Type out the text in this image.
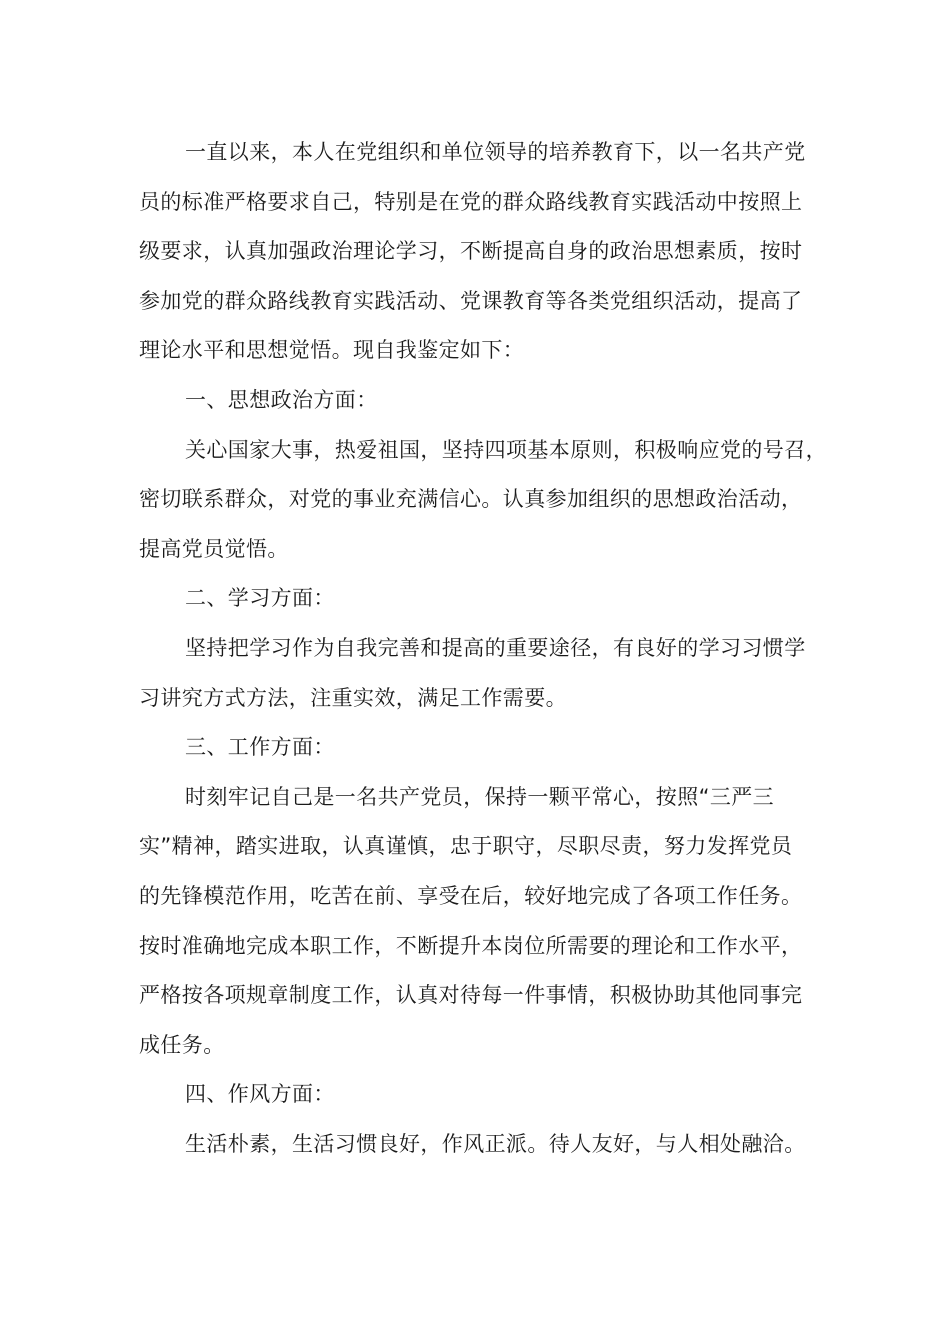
一直以来，本人在党组织和单位领导的培养教育下，以一名共产党
员的标准严格要求自己，特别是在党的群众路线教育实践活动中按照上
级要求，认真加强政治理论学习，不断提高自身的政治思想素质，按时
参加党的群众路线教育实践活动、党课教育等各类党组织活动，提高了
理论水平和思想觉悟。现自我鉴定如下：
一、思想政治方面：
关心国家大事，热爱祖国，坚持四项基本原则，积极响应党的号召，
密切联系群众，对党的事业充满信心。认真参加组织的思想政治活动，
提高党员觉悟。
二、学习方面：
坚持把学习作为自我完善和提高的重要途径，有良好的学习习惯学
习讲究方式方法，注重实效，满足工作需要。
三、工作方面：
时刻牢记自己是一名共产党员，保持一颗平常心，按照“三严三
实”精神，踏实进取，认真谨慎，忠于职守，尽职尽责，努力发挥党员
的先锋模范作用，吃苦在前、享受在后，较好地完成了各项工作任务。
按时准确地完成本职工作，不断提升本岗位所需要的理论和工作水平，
严格按各项规章制度工作，认真对待每一件事情，积极协助其他同事完
成任务。
四、作风方面：
生活朴素，生活习惯良好，作风正派。待人友好，与人相处融洽。
